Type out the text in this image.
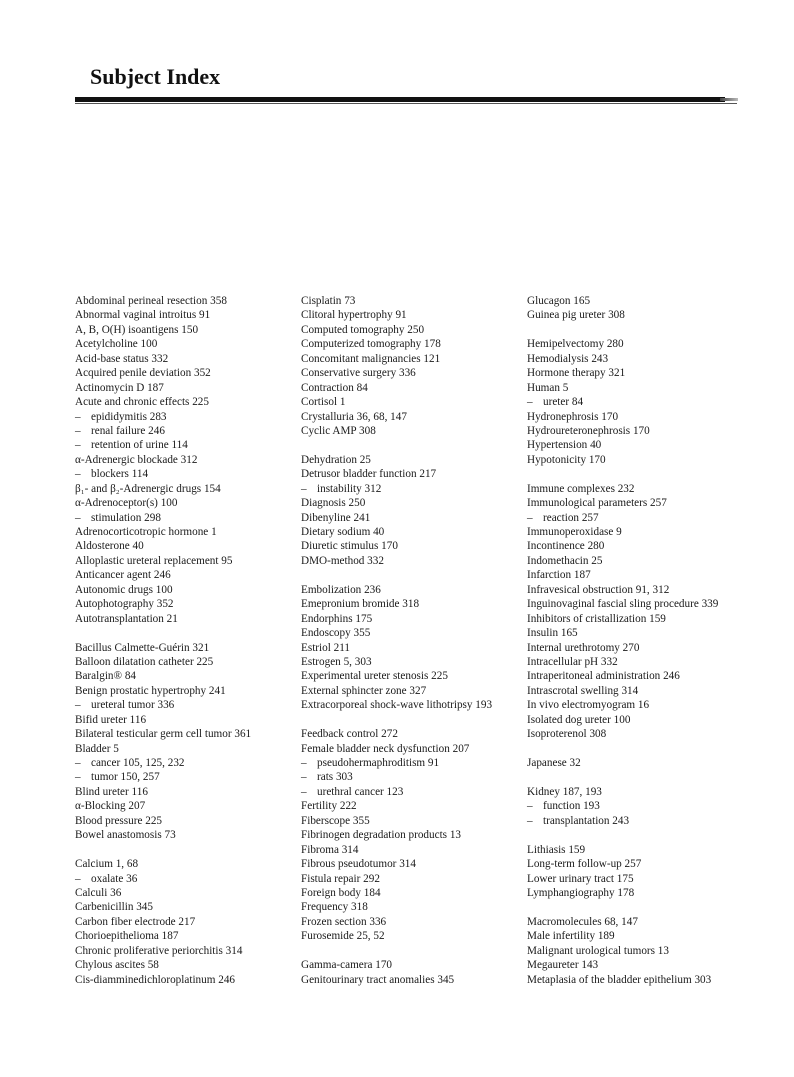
Subject Index
Abdominal perineal resection 358
Abnormal vaginal introitus 91
A, B, O(H) isoantigens 150
Acetylcholine 100
Acid-base status 332
Acquired penile deviation 352
Actinomycin D 187
Acute and chronic effects 225
– epididymitis 283
– renal failure 246
– retention of urine 114
α-Adrenergic blockade 312
– blockers 114
β₁- and β₂-Adrenergic drugs 154
α-Adrenoceptor(s) 100
– stimulation 298
Adrenocorticotropic hormone 1
Aldosterone 40
Alloplastic ureteral replacement 95
Anticancer agent 246
Autonomic drugs 100
Autophotography 352
Autotransplantation 21
Bacillus Calmette-Guérin 321
Balloon dilatation catheter 225
Baralgin® 84
Benign prostatic hypertrophy 241
– ureteral tumor 336
Bifid ureter 116
Bilateral testicular germ cell tumor 361
Bladder 5
– cancer 105, 125, 232
– tumor 150, 257
Blind ureter 116
α-Blocking 207
Blood pressure 225
Bowel anastomosis 73
Calcium 1, 68
– oxalate 36
Calculi 36
Carbenicillin 345
Carbon fiber electrode 217
Chorioepithelioma 187
Chronic proliferative periorchitis 314
Chylous ascites 58
Cis-diamminedichloroplatinum 246
Cisplatin 73
Clitoral hypertrophy 91
Computed tomography 250
Computerized tomography 178
Concomitant malignancies 121
Conservative surgery 336
Contraction 84
Cortisol 1
Crystalluria 36, 68, 147
Cyclic AMP 308
Dehydration 25
Detrusor bladder function 217
– instability 312
Diagnosis 250
Dibenyline 241
Dietary sodium 40
Diuretic stimulus 170
DMO-method 332
Embolization 236
Emepronium bromide 318
Endorphins 175
Endoscopy 355
Estriol 211
Estrogen 5, 303
Experimental ureter stenosis 225
External sphincter zone 327
Extracorporeal shock-wave lithotripsy 193
Feedback control 272
Female bladder neck dysfunction 207
– pseudohermaphroditism 91
– rats 303
– urethral cancer 123
Fertility 222
Fiberscope 355
Fibrinogen degradation products 13
Fibroma 314
Fibrous pseudotumor 314
Fistula repair 292
Foreign body 184
Frequency 318
Frozen section 336
Furosemide 25, 52
Gamma-camera 170
Genitourinary tract anomalies 345
Glucagon 165
Guinea pig ureter 308
Hemipelvectomy 280
Hemodialysis 243
Hormone therapy 321
Human 5
– ureter 84
Hydronephrosis 170
Hydroureteronephrosis 170
Hypertension 40
Hypotonicity 170
Immune complexes 232
Immunological parameters 257
– reaction 257
Immunoperoxidase 9
Incontinence 280
Indomethacin 25
Infarction 187
Infravesical obstruction 91, 312
Inguinovaginal fascial sling procedure 339
Inhibitors of cristallization 159
Insulin 165
Internal urethrotomy 270
Intracellular pH 332
Intraperitoneal administration 246
Intrascrotal swelling 314
In vivo electromyogram 16
Isolated dog ureter 100
Isoproterenol 308
Japanese 32
Kidney 187, 193
– function 193
– transplantation 243
Lithiasis 159
Long-term follow-up 257
Lower urinary tract 175
Lymphangiography 178
Macromolecules 68, 147
Male infertility 189
Malignant urological tumors 13
Megaureter 143
Metaplasia of the bladder epithelium 303
